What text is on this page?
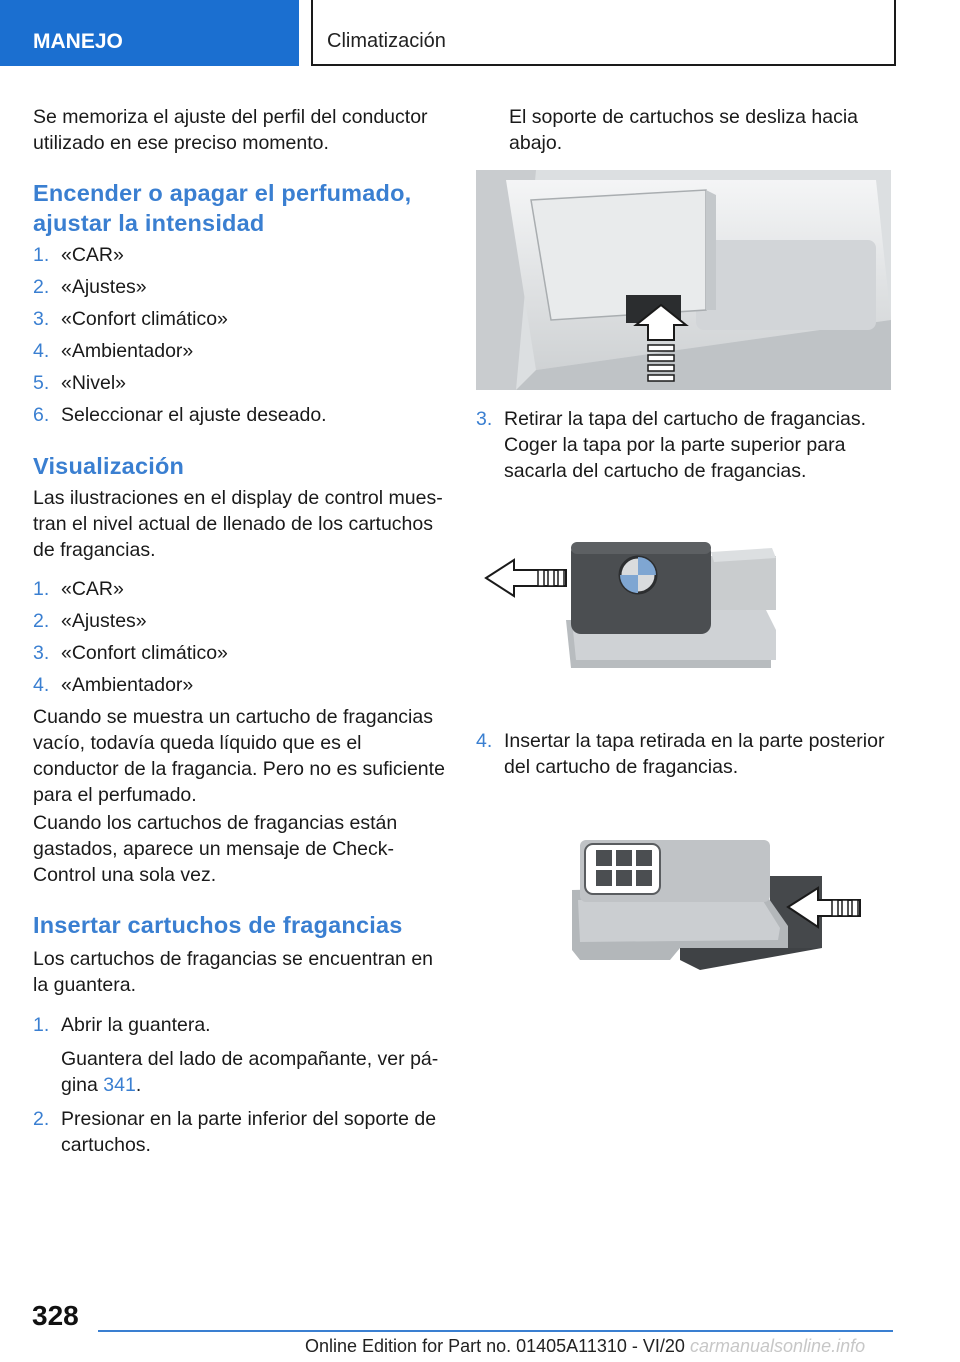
MANEJO	Climatización

Se memoriza el ajuste del perfil del conductor utilizado en ese preciso momento.

Encender o apagar el perfumado, ajustar la intensidad
1. «CAR»
2. «Ajustes»
3. «Confort climático»
4. «Ambientador»
5. «Nivel»
6. Seleccionar el ajuste deseado.
Visualización

Las ilustraciones en el display de control muestran el nivel actual de llenado de los cartuchos de fragancias.

1. «CAR»
2. «Ajustes»
3. «Confort climático»
4. «Ambientador»

Cuando se muestra un cartucho de fragancias vacío, todavía queda líquido que es el conductor de la fragancia. Pero no es suficiente para el perfumado.

Cuando los cartuchos de fragancias están gastados, aparece un mensaje de Check-Control una sola vez.

Insertar cartuchos de fragancias

Los cartuchos de fragancias se encuentran en la guantera.

1. Abrir la guantera.
Guantera del lado de acompañante, ver página 341.
2. Presionar en la parte inferior del soporte de cartuchos.

El soporte de cartuchos se desliza hacia abajo.

3. Retirar la tapa del cartucho de fragancias. Coger la tapa por la parte superior para sacarla del cartucho de fragancias.
4. Insertar la tapa retirada en la parte posterior del cartucho de fragancias.
328
Online Edition for Part no. 01405A11310 - VI/20 carmanualsonline.info
